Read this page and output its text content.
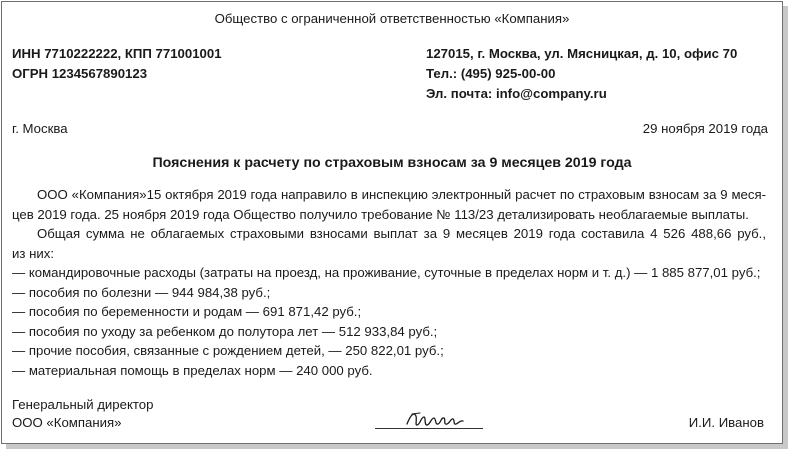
Общество с ограниченной ответственностью «Компания»
ИНН 7710222222, КПП 771001001
ОГРН 1234567890123
127015, г. Москва, ул. Мясницкая, д. 10, офис 70
Тел.: (495) 925-00-00
Эл. почта: info@company.ru
г. Москва	29 ноября 2019 года
Пояснения к расчету по страховым взносам за 9 месяцев 2019 года
ООО «Компания»15 октября 2019 года направило в инспекцию электронный расчет по страховым взносам за 9 меся-
цев 2019 года. 25 ноября 2019 года Общество получило требование № 113/23 детализировать необлагаемые выплаты.
Общая сумма не облагаемых страховыми взносами выплат за 9 месяцев 2019 года составила 4 526 488,66 руб.,
из них:
— командировочные расходы (затраты на проезд, на проживание, суточные в пределах норм и т. д.) — 1 885 877,01 руб.;
— пособия по болезни — 944 984,38 руб.;
— пособия по беременности и родам — 691 871,42 руб.;
— пособия по уходу за ребенком до полутора лет — 512 933,84 руб.;
— прочие пособия, связанные с рождением детей, — 250 822,01 руб.;
— материальная помощь в пределах норм — 240 000 руб.
Генеральный директор
ООО «Компания»	И.И. Иванов
